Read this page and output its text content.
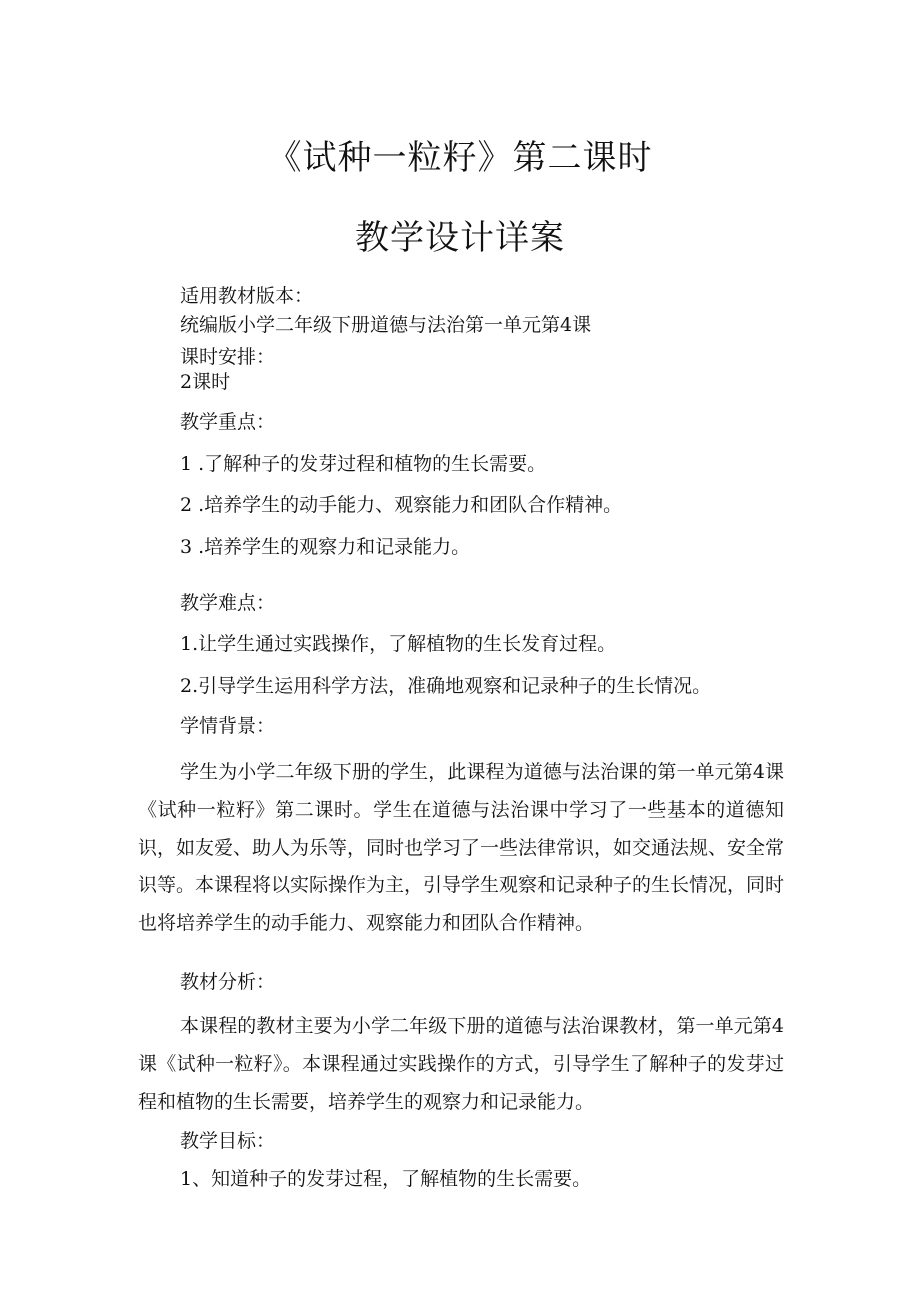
《试种一粒籽》第二课时
教学设计详案
适用教材版本：
统编版小学二年级下册道德与法治第一单元第4课
课时安排：
2课时
教学重点：
1 .了解种子的发芽过程和植物的生长需要。
2 .培养学生的动手能力、观察能力和团队合作精神。
3 .培养学生的观察力和记录能力。
教学难点：
1.让学生通过实践操作，了解植物的生长发育过程。
2.引导学生运用科学方法，准确地观察和记录种子的生长情况。
学情背景：
学生为小学二年级下册的学生，此课程为道德与法治课的第一单元第4课《试种一粒籽》第二课时。学生在道德与法治课中学习了一些基本的道德知识，如友爱、助人为乐等，同时也学习了一些法律常识，如交通法规、安全常识等。本课程将以实际操作为主，引导学生观察和记录种子的生长情况，同时也将培养学生的动手能力、观察能力和团队合作精神。
教材分析：
本课程的教材主要为小学二年级下册的道德与法治课教材，第一单元第4课《试种一粒籽》。本课程通过实践操作的方式，引导学生了解种子的发芽过程和植物的生长需要，培养学生的观察力和记录能力。
教学目标：
1、知道种子的发芽过程，了解植物的生长需要。
